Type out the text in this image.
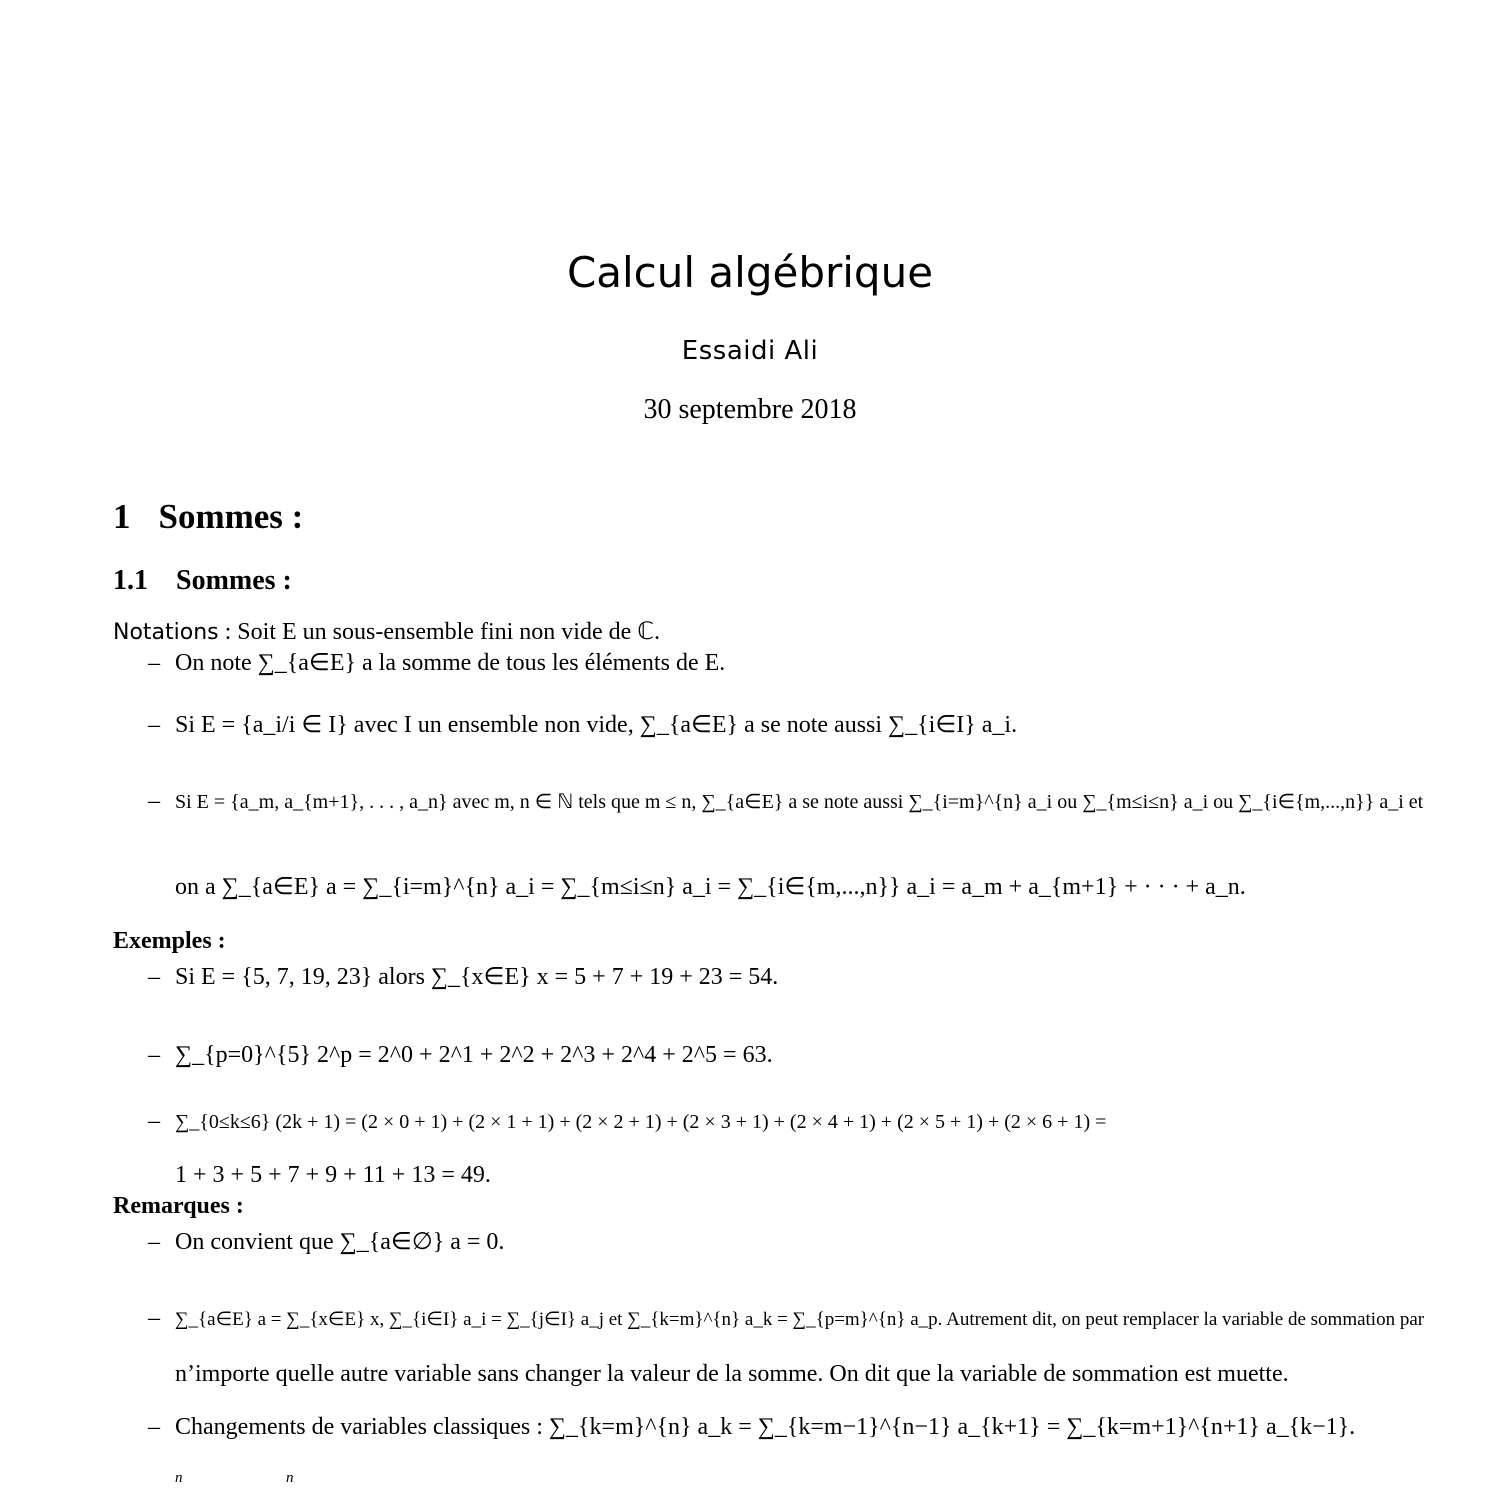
Calcul algébrique
Essaidi Ali
30 septembre 2018
1 Sommes :
1.1 Sommes :
Notations : Soit E un sous-ensemble fini non vide de ℂ.
– On note ∑_{a∈E} a la somme de tous les éléments de E.
– Si E = {a_i/i ∈ I} avec I un ensemble non vide, ∑_{a∈E} a se note aussi ∑_{i∈I} a_i.
– Si E = {a_m, a_{m+1}, . . . , a_n} avec m, n ∈ ℕ tels que m ≤ n, ∑_{a∈E} a se note aussi ∑_{i=m}^{n} a_i ou ∑_{m≤i≤n} a_i ou ∑_{i∈{m,...,n}} a_i et
on a ∑_{a∈E} a = ∑_{i=m}^{n} a_i = ∑_{m≤i≤n} a_i = ∑_{i∈{m,...,n}} a_i = a_m + a_{m+1} + · · · + a_n.
Exemples :
– Si E = {5, 7, 19, 23} alors ∑_{x∈E} x = 5 + 7 + 19 + 23 = 54.
– ∑_{p=0}^{5} 2^p = 2^0 + 2^1 + 2^2 + 2^3 + 2^4 + 2^5 = 63.
– ∑_{0≤k≤6} (2k + 1) = (2 × 0 + 1) + (2 × 1 + 1) + (2 × 2 + 1) + (2 × 3 + 1) + (2 × 4 + 1) + (2 × 5 + 1) + (2 × 6 + 1) =
1 + 3 + 5 + 7 + 9 + 11 + 13 = 49.
Remarques :
– On convient que ∑_{a∈∅} a = 0.
– ∑_{a∈E} a = ∑_{x∈E} x, ∑_{i∈I} a_i = ∑_{j∈I} a_j et ∑_{k=m}^{n} a_k = ∑_{p=m}^{n} a_p. Autrement dit, on peut remplacer la variable de sommation par
n’importe quelle autre variable sans changer la valeur de la somme. On dit que la variable de sommation est muette.
– Changements de variables classiques : ∑_{k=m}^{n} a_k = ∑_{k=m−1}^{n−1} a_{k+1} = ∑_{k=m+1}^{n+1} a_{k−1}.
n	n
